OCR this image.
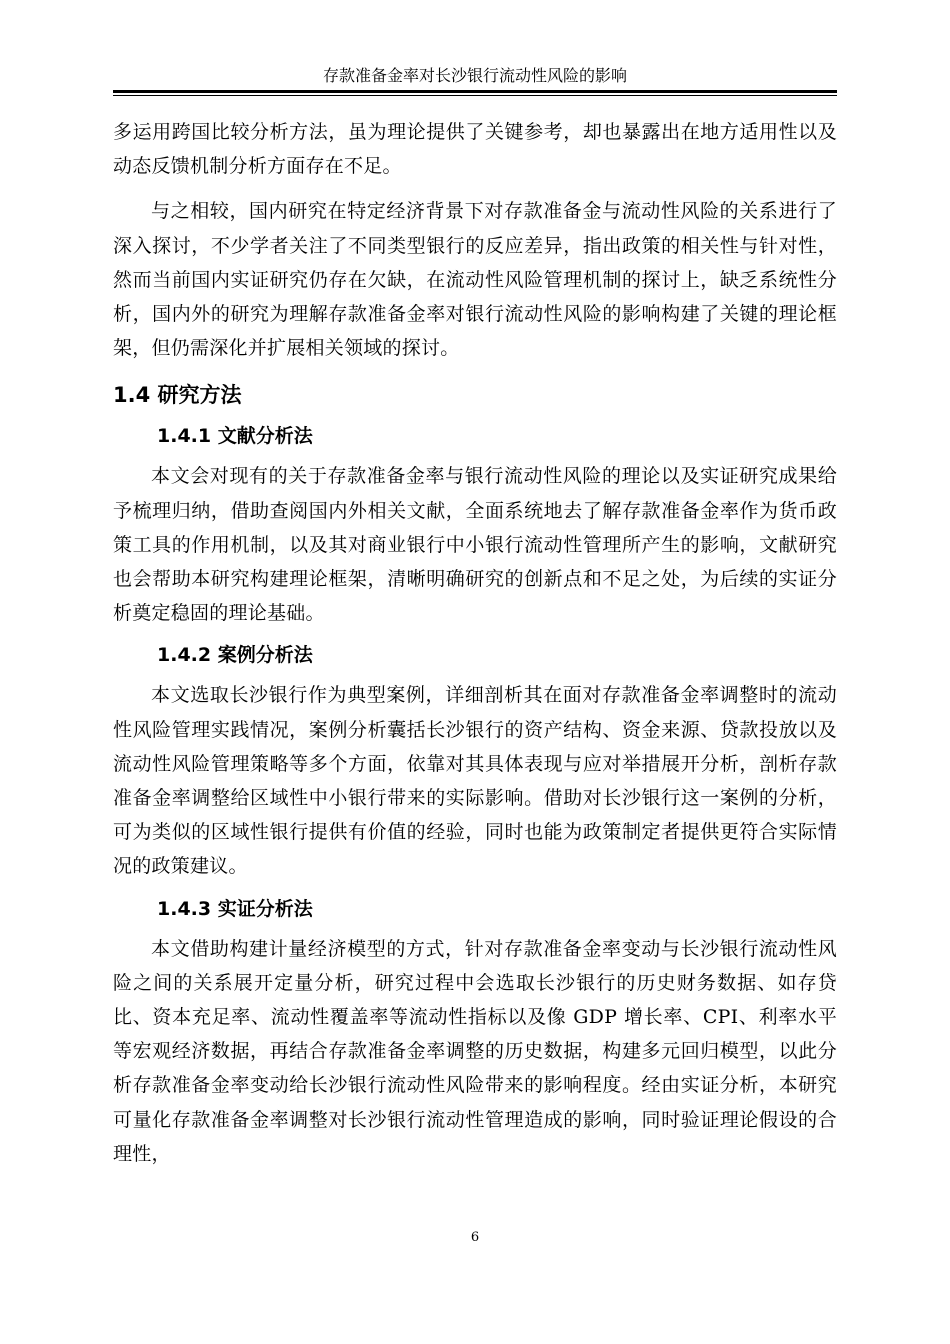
存款准备金率对长沙银行流动性风险的影响

多运用跨国比较分析方法，虽为理论提供了关键参考，却也暴露出在地方适用性以及动态反馈机制分析方面存在不足。

与之相较，国内研究在特定经济背景下对存款准备金与流动性风险的关系进行了深入探讨，不少学者关注了不同类型银行的反应差异，指出政策的相关性与针对性，然而当前国内实证研究仍存在欠缺，在流动性风险管理机制的探讨上，缺乏系统性分析，国内外的研究为理解存款准备金率对银行流动性风险的影响构建了关键的理论框架，但仍需深化并扩展相关领域的探讨。

1.4 研究方法
1.4.1 文献分析法

本文会对现有的关于存款准备金率与银行流动性风险的理论以及实证研究成果给予梳理归纳，借助查阅国内外相关文献，全面系统地去了解存款准备金率作为货币政策工具的作用机制，以及其对商业银行中小银行流动性管理所产生的影响，文献研究也会帮助本研究构建理论框架，清晰明确研究的创新点和不足之处，为后续的实证分析奠定稳固的理论基础。

1.4.2 案例分析法

本文选取长沙银行作为典型案例，详细剖析其在面对存款准备金率调整时的流动性风险管理实践情况，案例分析囊括长沙银行的资产结构、资金来源、贷款投放以及流动性风险管理策略等多个方面，依靠对其具体表现与应对举措展开分析，剖析存款准备金率调整给区域性中小银行带来的实际影响。借助对长沙银行这一案例的分析，可为类似的区域性银行提供有价值的经验，同时也能为政策制定者提供更符合实际情况的政策建议。

1.4.3 实证分析法

本文借助构建计量经济模型的方式，针对存款准备金率变动与长沙银行流动性风险之间的关系展开定量分析，研究过程中会选取长沙银行的历史财务数据、如存贷比、资本充足率、流动性覆盖率等流动性指标以及像 GDP 增长率、CPI、利率水平等宏观经济数据，再结合存款准备金率调整的历史数据，构建多元回归模型，以此分析存款准备金率变动给长沙银行流动性风险带来的影响程度。经由实证分析，本研究可量化存款准备金率调整对长沙银行流动性管理造成的影响，同时验证理论假设的合理性，

6
